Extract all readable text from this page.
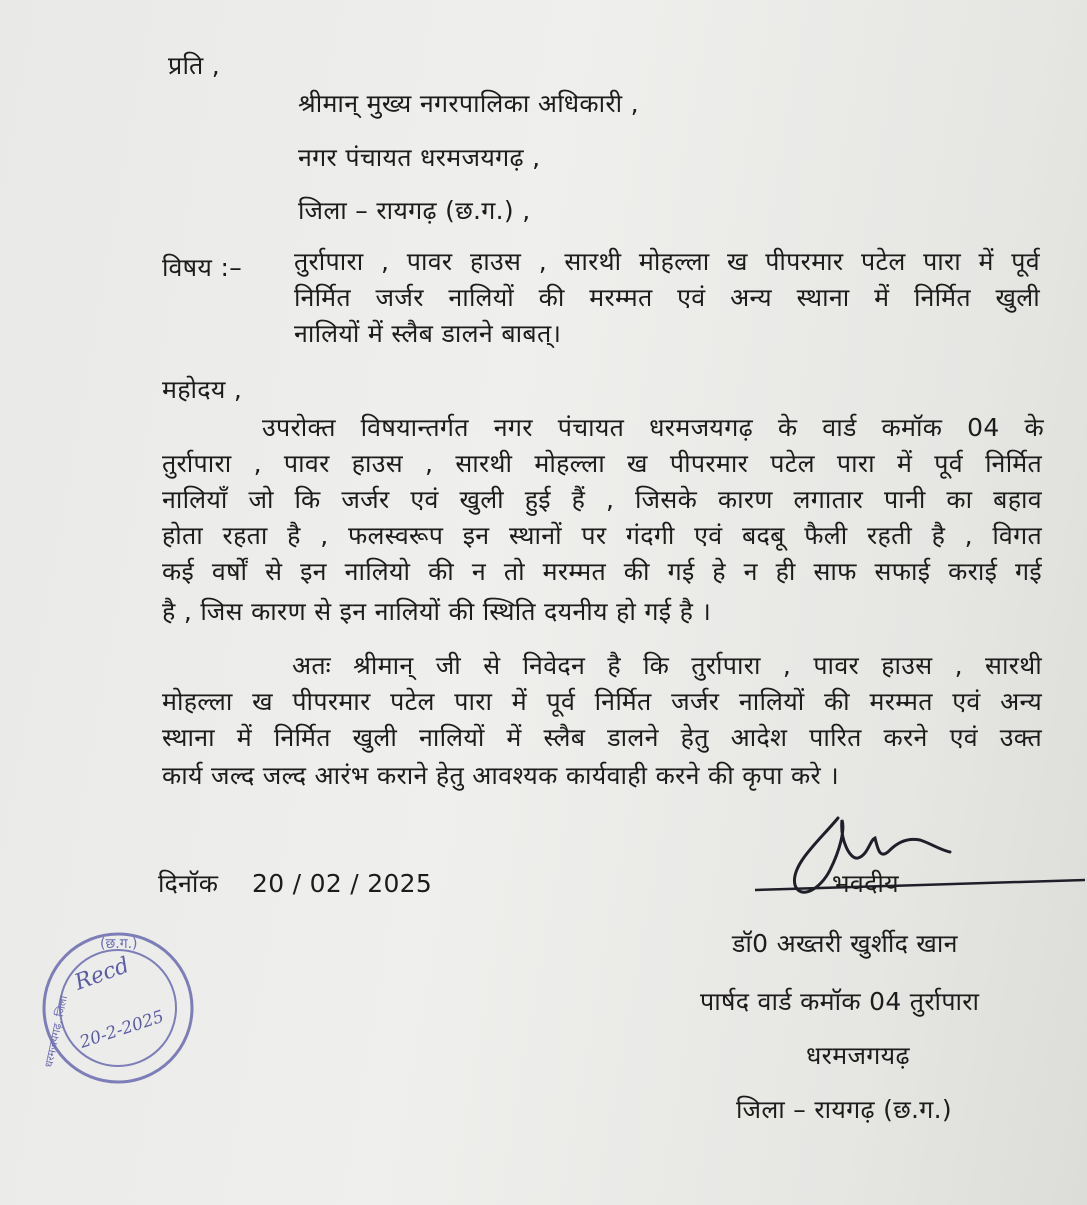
प्रति ,
श्रीमान् मुख्य नगरपालिका अधिकारी ,
नगर पंचायत धरमजयगढ़ ,
जिला – रायगढ़ (छ.ग.) ,
विषय :– तुर्रापारा , पावर हाउस , सारथी मोहल्ला ख पीपरमार पटेल पारा में पूर्व
निर्मित जर्जर नालियों की मरम्मत एवं अन्य स्थाना में निर्मित खुली
नालियों में स्लैब डालने बाबत्।
महोदय ,
उपरोक्त विषयान्तर्गत नगर पंचायत धरमजयगढ़ के वार्ड कमॉक 04 के
तुर्रापारा , पावर हाउस , सारथी मोहल्ला ख पीपरमार पटेल पारा में पूर्व निर्मित
नालियॉं जो कि जर्जर एवं खुली हुई हैं , जिसके कारण लगातार पानी का बहाव
होता रहता है , फलस्वरूप इन स्थानों पर गंदगी एवं बदबू फैली रहती है , विगत
कई वर्षों से इन नालियो की न तो मरम्मत की गई हे न ही साफ सफाई कराई गई
है , जिस कारण से इन नालियों की स्थिति दयनीय हो गई है ।
अतः श्रीमान् जी से निवेदन है कि तुर्रापारा , पावर हाउस , सारथी
मोहल्ला ख पीपरमार पटेल पारा में पूर्व निर्मित जर्जर नालियों की मरम्मत एवं अन्य
स्थाना में निर्मित खुली नालियों में स्लैब डालने हेतु आदेश पारित करने एवं उक्त
कार्य जल्द जल्द आरंभ कराने हेतु आवश्यक कार्यवाही करने की कृपा करे ।
दिनॉक 20 / 02 / 2025	भवदीय
डॉ0 अख्तरी खुर्शीद खान
पार्षद वार्ड कमॉक 04 तुर्रापारा
धरमजगयढ़
जिला – रायगढ़ (छ.ग.)
(छ.ग.)
धरमजयगढ़, जिला
Recd
20-2-2025
